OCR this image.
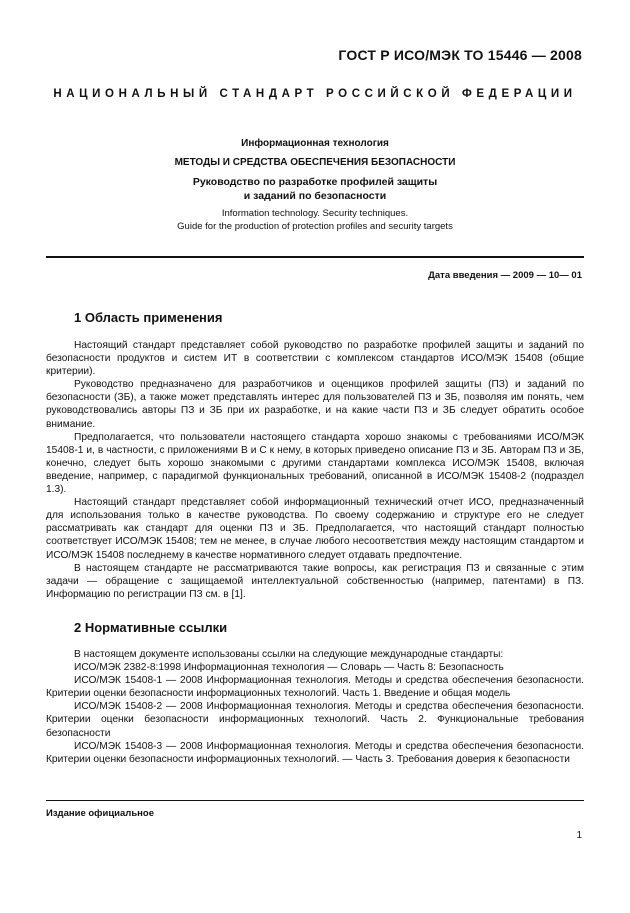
ГОСТ Р ИСО/МЭК ТО 15446 — 2008
НАЦИОНАЛЬНЫЙ СТАНДАРТ РОССИЙСКОЙ ФЕДЕРАЦИИ
Информационная технология
МЕТОДЫ И СРЕДСТВА ОБЕСПЕЧЕНИЯ БЕЗОПАСНОСТИ
Руководство по разработке профилей защиты
и заданий по безопасности
Information technology. Security techniques.
Guide for the production of protection profiles and security targets
Дата введения — 2009 — 10— 01
1 Область применения

Настоящий стандарт представляет собой руководство по разработке профилей защиты и заданий по безопасности продуктов и систем ИТ в соответствии с комплексом стандартов ИСО/МЭК 15408 (общие критерии).

Руководство предназначено для разработчиков и оценщиков профилей защиты (ПЗ) и заданий по безопасности (ЗБ), а также может представлять интерес для пользователей ПЗ и ЗБ, позволяя им понять, чем руководствовались авторы ПЗ и ЗБ при их разработке, и на какие части ПЗ и ЗБ следует обратить особое внимание.

Предполагается, что пользователи настоящего стандарта хорошо знакомы с требованиями ИСО/МЭК 15408-1 и, в частности, с приложениями В и С к нему, в которых приведено описание ПЗ и ЗБ. Авторам ПЗ и ЗБ, конечно, следует быть хорошо знакомыми с другими стандартами комплекса ИСО/МЭК 15408, включая введение, например, с парадигмой функциональных требований, описанной в ИСО/МЭК 15408-2 (подраздел 1.3).

Настоящий стандарт представляет собой информационный технический отчет ИСО, предназначенный для использования только в качестве руководства. По своему содержанию и структуре его не следует рассматривать как стандарт для оценки ПЗ и ЗБ. Предполагается, что настоящий стандарт полностью соответствует ИСО/МЭК 15408; тем не менее, в случае любого несоответствия между настоящим стандартом и ИСО/МЭК 15408 последнему в качестве нормативного следует отдавать предпочтение.

В настоящем стандарте не рассматриваются такие вопросы, как регистрация ПЗ и связанные с этим задачи — обращение с защищаемой интеллектуальной собственностью (например, патентами) в ПЗ. Информацию по регистрации ПЗ см. в [1].

2 Нормативные ссылки

В настоящем документе использованы ссылки на следующие международные стандарты:

ИСО/МЭК 2382-8:1998 Информационная технология — Словарь — Часть 8: Безопасность

ИСО/МЭК 15408-1 — 2008 Информационная технология. Методы и средства обеспечения безопасности. Критерии оценки безопасности информационных технологий. Часть 1. Введение и общая модель

ИСО/МЭК 15408-2 — 2008 Информационная технология. Методы и средства обеспечения безопасности. Критерии оценки безопасности информационных технологий. Часть 2. Функциональные требования безопасности

ИСО/МЭК 15408-3 — 2008 Информационная технология. Методы и средства обеспечения безопасности. Критерии оценки безопасности информационных технологий. — Часть 3. Требования доверия к безопасности

Издание официальное
1
